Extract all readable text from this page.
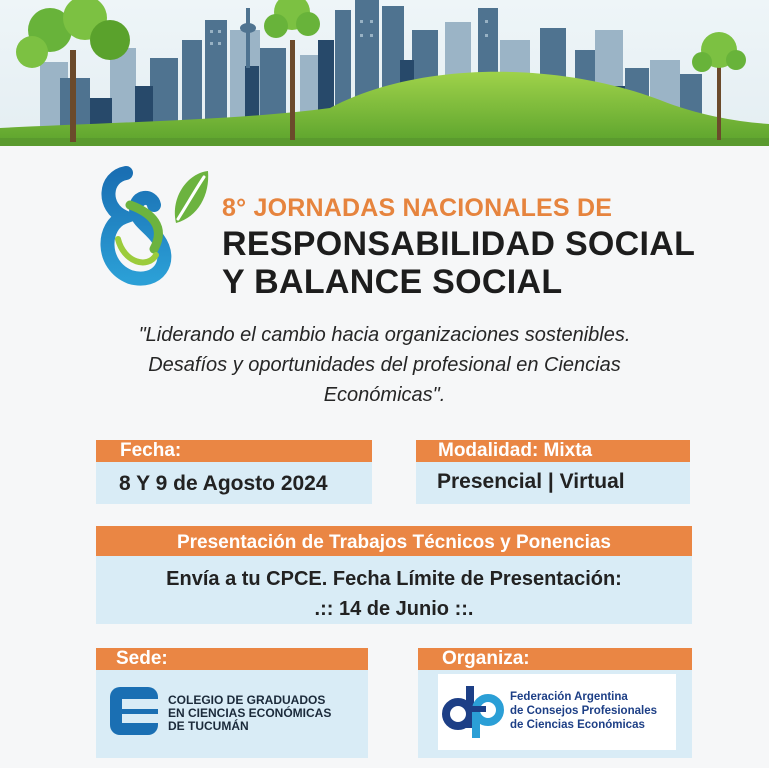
8° JORNADAS NACIONALES DE
RESPONSABILIDAD SOCIAL
Y BALANCE SOCIAL
"Liderando el cambio hacia organizaciones sostenibles.
Desafíos y oportunidades del profesional en Ciencias
Económicas".
Fecha:
8 Y 9 de Agosto 2024
Modalidad: Mixta
Presencial | Virtual
Presentación de Trabajos Técnicos y Ponencias
Envía a tu CPCE. Fecha Límite de Presentación:
.:: 14 de Junio ::.
Sede:
COLEGIO DE GRADUADOS
EN CIENCIAS ECONÓMICAS
DE TUCUMÁN
Organiza:
Federación Argentina
de Consejos Profesionales
de Ciencias Económicas
